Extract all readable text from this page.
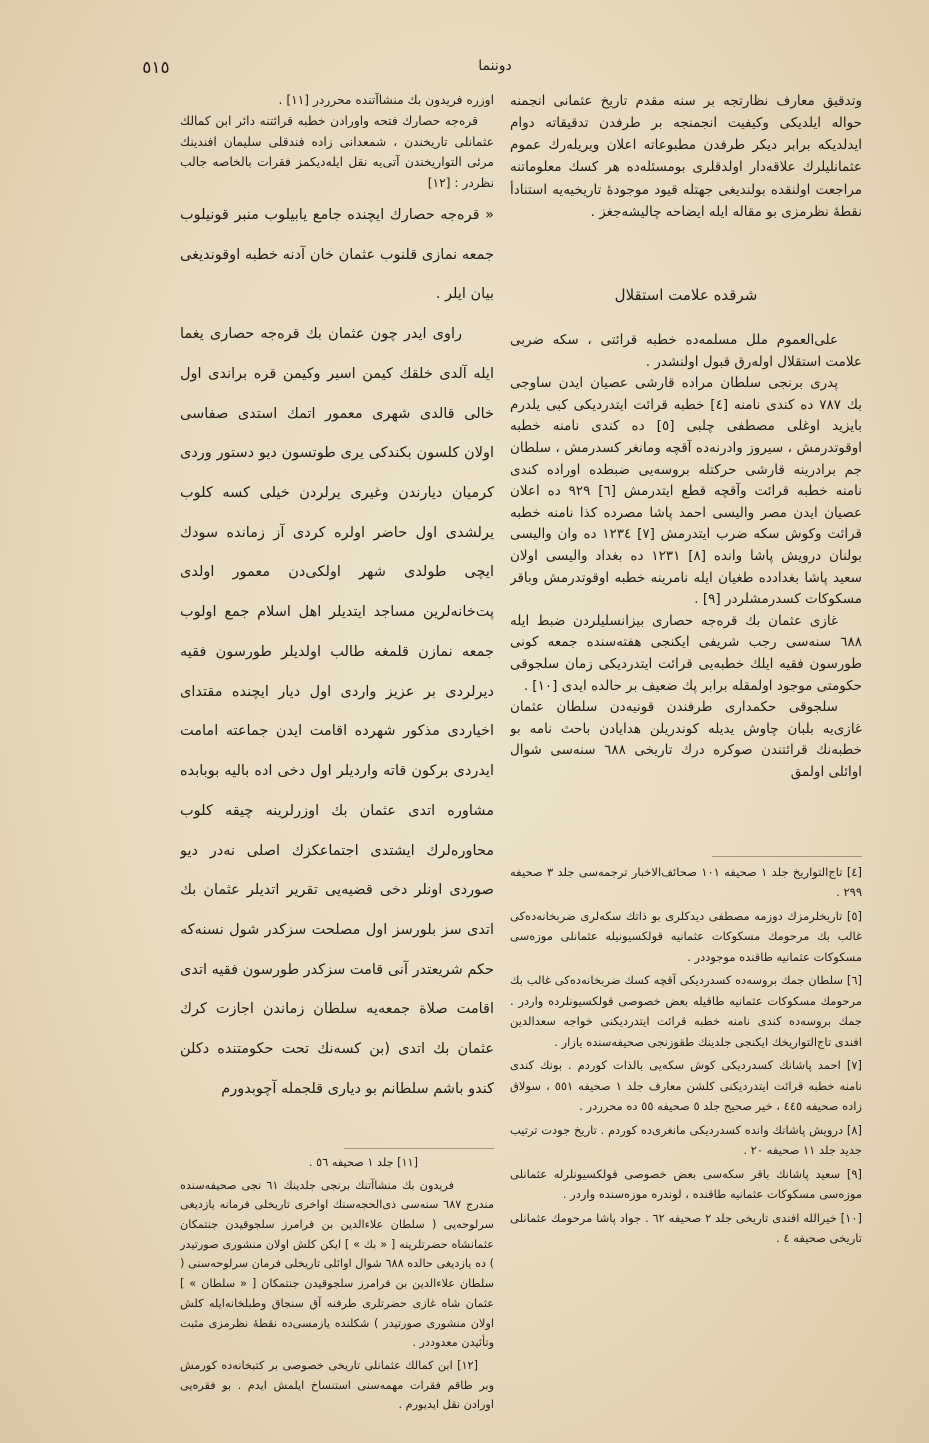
٥١٥	دوننما

وتدقيق معارف نظارتجه بر سنه مقدم تاريخ عثمانی انجمنه حواله ايلديكی وكيفيت انجمنجه بر طرفدن تدقيقاته دوام ايدلديكه برابر ديكر طرفدن مطبوعاته اعلان ويريله‌رك عموم عثمانليلرك علاقه‌دار اولدقلری بومسئله‌ده هر كسك معلوماتنه مراجعت اولنقده بولنديغی جهتله قيود موجودهٔ تاريخيه‌يه استنادأ نقطهٔ نظرمزی بو مقاله ايله ايضاحه چاليشه‌جغز .

شرقده علامت استقلال

علی‌العموم ملل مسلمه‌ده خطبه قرائتی ، سكه ضربی علامت استقلال اوله‌رق قبول اولنشدر .

پدری برنجی سلطان مراده قارشی عصيان ايدن ساوجی بك ٧٨٧ ده كندی نامنه [٤] خطبه قرائت ايتدرديكی كبی يلدرم بايزيد اوغلی مصطفی چلبی [٥] ده كندی نامنه خطبه اوقوتدرمش ، سيروز وادرنه‌ده آقچه ومانغر كسدرمش ، سلطان جم برادرينه قارشی حركتله بروسه‌يی ضبطده اوراده كندی نامنه خطبه قرائت وآقچه قطع ايتدرمش [٦] ٩٢٩ ده اعلان عصيان ايدن مصر واليسی احمد پاشا مصرده كذا نامنه خطبه قرائت وكوش سكه ضرب ايتدرمش [٧] ١٢٣٤ ده وان واليسی بولنان درويش پاشا وانده [٨] ١٢٣١ ده بغداد واليسی اولان سعيد پاشا بغدادده طغيان ايله نامرينه خطبه اوقوتدرمش وباقر مسكوكات كسدرمشلردر [٩] .

غازی عثمان بك قره‌جه حصاری بيزانسليلردن ضبط ايله ٦٨٨ سنه‌سی رجب شريفی ايكنجی هفته‌سنده جمعه كونی طورسون فقيه ايلك خطبه‌يی قرائت ايتدرديكی زمان سلجوقی حكومتی موجود اولمقله برابر پك ضعيف بر حالده ايدی [١٠] .

سلجوقی حكمداری طرفندن قونيه‌دن سلطان عثمان غازی‌يه بلبان چاوش يديله كوندريلن هدايادن باحث نامه بو خطبه‌نك قرائتندن صوكره درك تاريخی ٦٨٨ سنه‌سی شوال اوائلی اولمق

[٤] تاج‌التواريخ جلد ١ صحيفه ١٠١ صحائف‌الاخبار ترجمه‌سی جلد ٣ صحيفه ٢٩٩ .

[٥] تاريخلرمزك دوزمه مصطفی ديدكلری بو ذاتك سكه‌لری ضربخانه‌ده‌كی غالب بك مرحومك مسكوكات عثمانيه قولكسيونيله عثمانلی موزه‌سی مسكوكات عثمانيه طاقنده موجوددر .

[٦] سلطان جمك بروسه‌ده كسدرديكی آقچه كسك ضربخانه‌ده‌كی غالب بك مرحومك مسكوكات عثمانيه طاقيله بعض خصوصی قولكسيونلرده واردر . جمك بروسه‌ده كندی نامنه خطبه قرائت ايتدرديكنی خواجه سعدالدين افندی تاج‌التواريخك ايكنجی جلدينك طقوزنجی صحيفه‌سنده يازار .

[٧] احمد پاشانك كسدرديكی كوش سكه‌يی بالذات كوردم . بونك كندی نامنه خطبه قرائت ايتدرديكنی كلشن معارف جلد ١ صحيفه ٥٥١ ، سولاق زاده صحيفه ٤٤٥ ، خير صحيح جلد ٥ صحيفه ٥٥ ده محرردر .

[٨] درويش پاشانك وانده كسدرديكی مانغری‌ده كوردم . تاريخ جودت ترتيب جديد جلد ١١ صحيفه ٢٠ .

[٩] سعيد پاشانك باقر سكه‌سی بعض خصوصی قولكسيونلرله عثمانلی موزه‌سی مسكوكات عثمانيه طاقنده ، لوندره موزه‌سنده واردر .

[١٠] خيرالله افندی تاريخی جلد ٢ صحيفه ٦٢ . جواد پاشا مرحومك عثمانلی تاريخی صحيفه ٤ .

اوزره فريدون بك منشاآتنده محرردر [١١] .

قره‌جه حصارك فتحه واورادن خطبه قرائتنه دائر ابن كمالك عثمانلی تاريخندن ، شمعدانی زاده فندقلی سليمان افندينك مرئی التواريخندن آتی‌يه نقل ايله‌ديكمز فقرات بالخاصه جالب نظردر : [١٢]

« قره‌جه حصارك ايچنده جامع يابيلوب منبر قونيلوب جمعه نمازی قلنوب عثمان خان آدنه خطبه اوقونديغی بيان ايلر .

راوی ايدر چون عثمان بك قره‌جه حصاری يغما ايله آلدی خلقك كيمن اسير وكيمن قره براندی اول خالی قالدی شهری معمور اتمك استدی صفاسی اولان كلسون بكندكی يری طوتسون ديو دستور وردی كرميان ديارندن وغيری يرلردن خيلی كسه كلوب يرلشدی اول حاضر اولره كردی آز زمانده سودك ايچی طولدی شهر اولكی‌دن معمور اولدی پت‌خانه‌لرين مساجد ايتديلر اهل اسلام جمع اولوب جمعه نمازن قلمغه طالب اولديلر طورسون فقيه ديرلردی بر عزيز واردی اول ديار ايچنده مقتدای اخياردی مذكور شهرده اقامت ايدن جماعته امامت ايدردی بركون قاته وارديلر اول دخی اده باليه بوبابده مشاوره اتدی عثمان بك اوزرلرينه چيقه كلوب محاوره‌لرك ايشتدی اجتماعكزك اصلی نه‌در ديو صوردی اونلر دخی قضيه‌يی تقرير اتديلر عثمان بك اتدی سز بلورسز اول مصلحت سزكدر شول نسنه‌كه حكم شريعتدر آنی قامت سزكدر طورسون فقيه اتدی اقامت صلاة جمعه‌يه سلطان زماندن اجازت كرك عثمان بك اتدی (بن كسه‌نك تحت حكومتنده دكلن كندو باشم سلطانم بو دياری قلجمله آچوبدورم

[١١] جلد ١ صحيفه ٥٦ .

فريدون بك منشاآتنك برنجی جلدينك ٦١ نجی صحيفه‌سنده مندرج ٦٨٧ سنه‌سی ذی‌الحجه‌سنك اواخری تاريخلی فرمانه يازديغی سرلوحه‌يی ( سلطان علاءالدين بن فرامرز سلجوقيدن جنتمكان عثمانشاه حضرتلرينه [ « بك » ] ايكن كلش اولان منشوری صورتيدر ) ده يازديغی حالده ٦٨٨ شوال اوائلی تاريخلی فرمان سرلوحه‌سنی ( سلطان علاءالدين بن فرامرز سلجوقيدن جنتمكان [ « سلطان » ] عثمان شاه غازی حضرتلری طرفنه آق سنجاق وطبلخانه‌ايله كلش اولان منشوری صورتيدر ) شكلنده يازمسی‌ده نقطهٔ نظرمزی مثبت وتأئيدن معدوددر .

[١٢] ابن كمالك عثمانلی تاريخی خصوصی بر كتبخانه‌ده كورمش وبر طاقم فقرات مهمه‌سنی استنساخ ايلمش ايدم . بو فقره‌يی اورادن نقل ايديورم .
